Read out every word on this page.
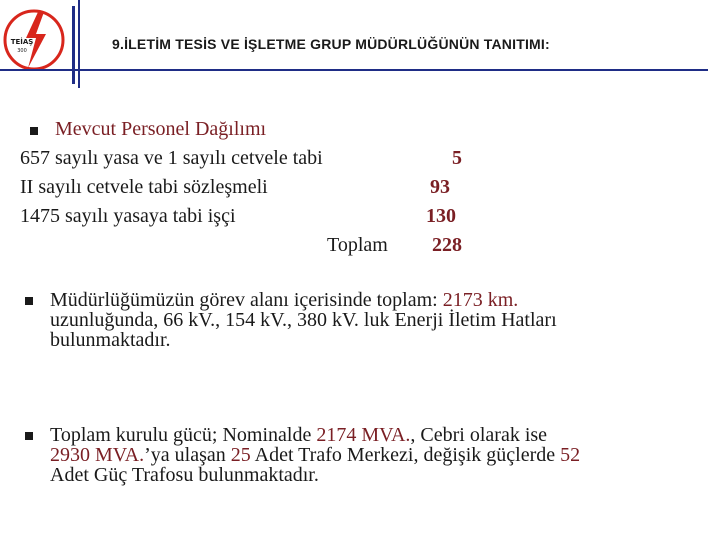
TEİAŞ
300	9.İLETİM TESİS VE İŞLETME GRUP MÜDÜRLÜĞÜNÜN TANITIMI:
Mevcut Personel Dağılımı
657 sayılı yasa ve 1 sayılı cetvele tabi	5
II sayılı cetvele tabi sözleşmeli	93
1475 sayılı yasaya tabi işçi	130
Toplam	228
Müdürlüğümüzün görev alanı içerisinde toplam: 2173 km.
uzunluğunda, 66 kV., 154 kV., 380 kV. luk Enerji İletim Hatları
bulunmaktadır.
Toplam kurulu gücü; Nominalde 2174 MVA., Cebri olarak ise
2930 MVA.’ya ulaşan 25 Adet Trafo Merkezi, değişik güçlerde 52
Adet Güç Trafosu bulunmaktadır.
